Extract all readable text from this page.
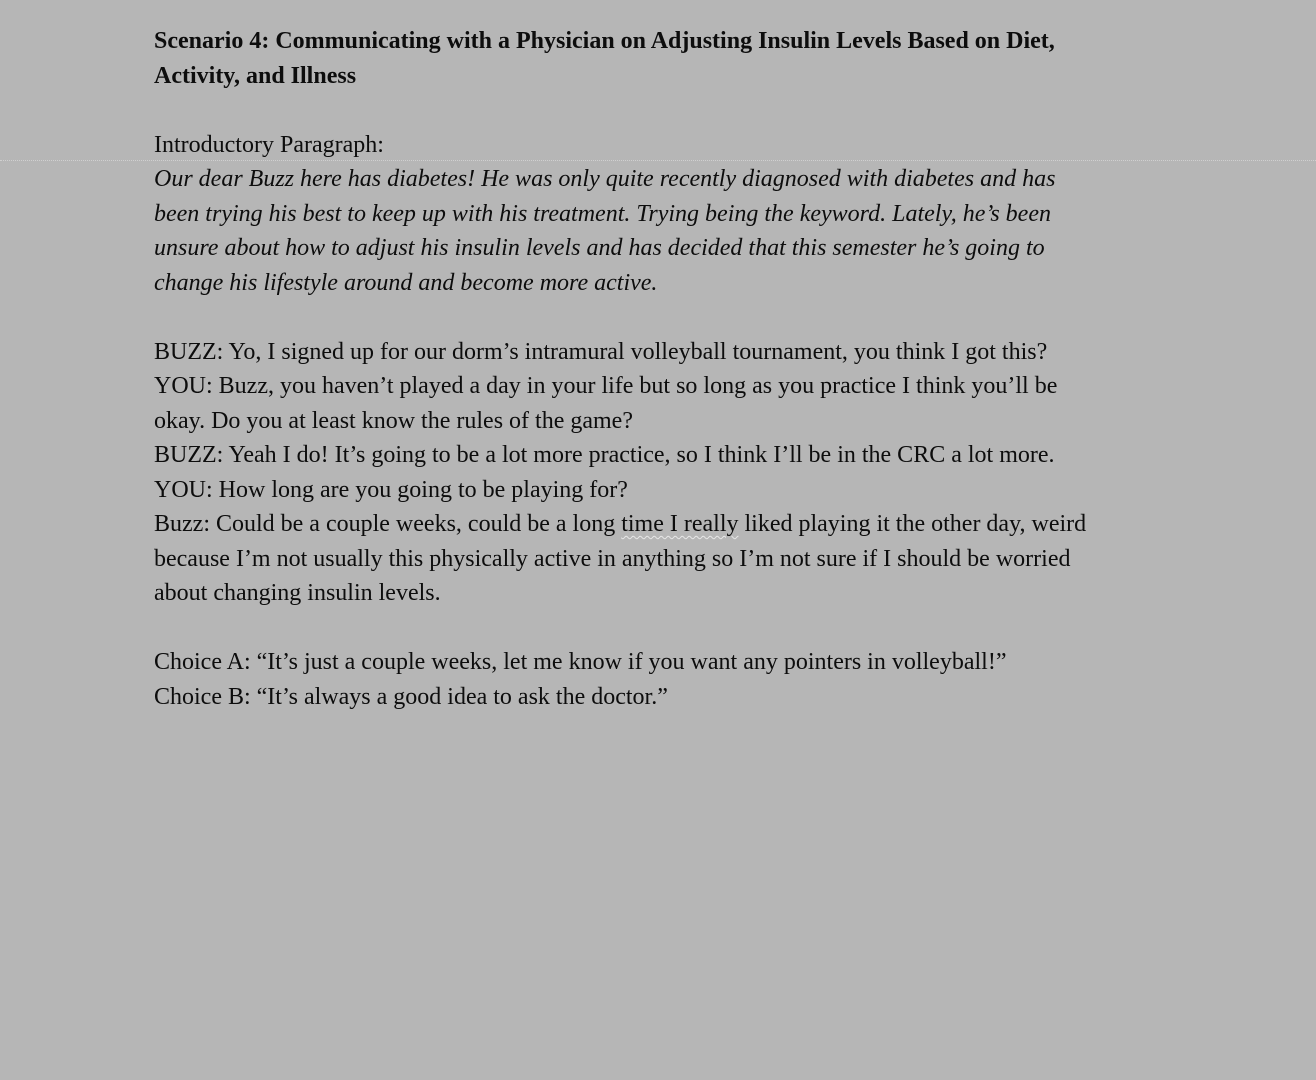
Scenario 4: Communicating with a Physician on Adjusting Insulin Levels Based on Diet,

Activity, and Illness

Introductory Paragraph:

Our dear Buzz here has diabetes! He was only quite recently diagnosed with diabetes and has

been trying his best to keep up with his treatment. Trying being the keyword. Lately, he’s been

unsure about how to adjust his insulin levels and has decided that this semester he’s going to

change his lifestyle around and become more active.

BUZZ: Yo, I signed up for our dorm’s intramural volleyball tournament, you think I got this?

YOU: Buzz, you haven’t played a day in your life but so long as you practice I think you’ll be

okay. Do you at least know the rules of the game?

BUZZ: Yeah I do! It’s going to be a lot more practice, so I think I’ll be in the CRC a lot more.

YOU: How long are you going to be playing for?

Buzz: Could be a couple weeks, could be a long time I really liked playing it the other day, weird

because I’m not usually this physically active in anything so I’m not sure if I should be worried

about changing insulin levels.

Choice A: “It’s just a couple weeks, let me know if you want any pointers in volleyball!”

Choice B: “It’s always a good idea to ask the doctor.”
